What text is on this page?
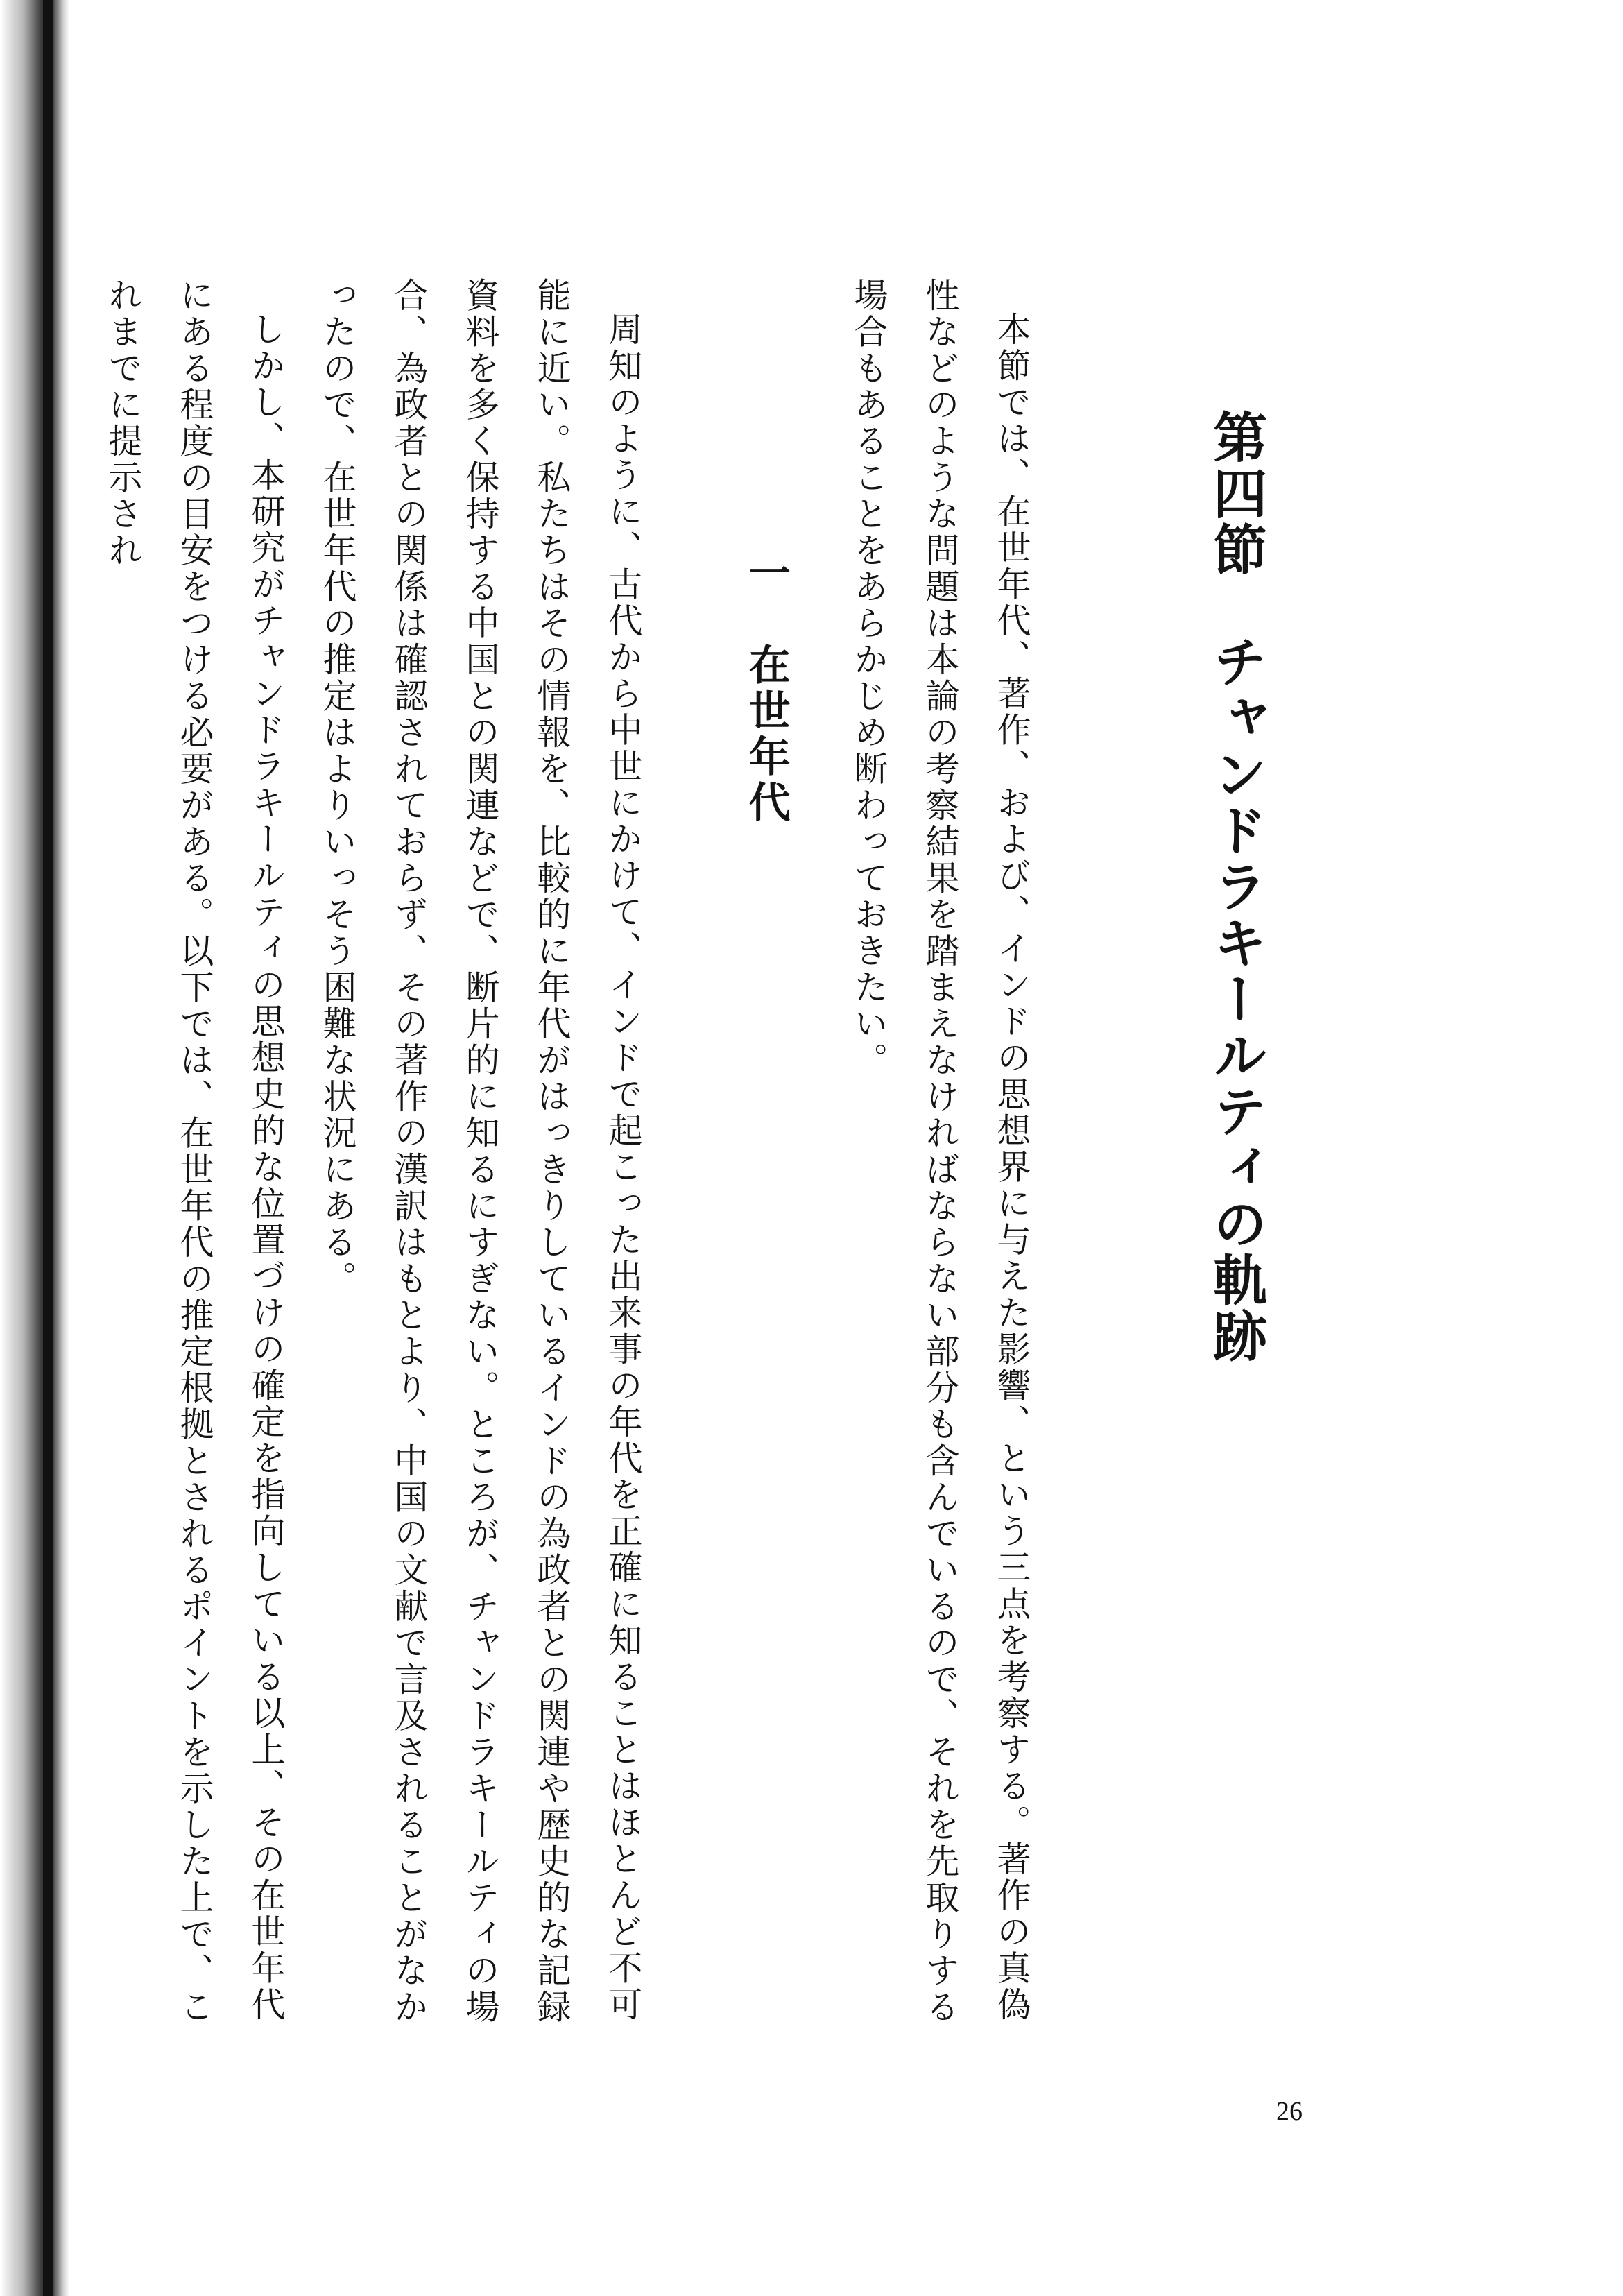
第四節　チャンドラキールティの軌跡

本節では、在世年代、著作、および、インドの思想界に与えた影響、という三点を考察する。著作の真偽性などのような問題は本論の考察結果を踏まえなければならない部分も含んでいるので、それを先取りする場合もあることをあらかじめ断わっておきたい。

一　在世年代

周知のように、古代から中世にかけて、インドで起こった出来事の年代を正確に知ることはほとんど不可能に近い。私たちはその情報を、比較的に年代がはっきりしているインドの為政者との関連や歴史的な記録資料を多く保持する中国との関連などで、断片的に知るにすぎない。ところが、チャンドラキールティの場合、為政者との関係は確認されておらず、その著作の漢訳はもとより、中国の文献で言及されることがなかったので、在世年代の推定はよりいっそう困難な状況にある。

しかし、本研究がチャンドラキールティの思想史的な位置づけの確定を指向している以上、その在世年代にある程度の目安をつける必要がある。以下では、在世年代の推定根拠とされるポイントを示した上で、これまでに提示され

26
